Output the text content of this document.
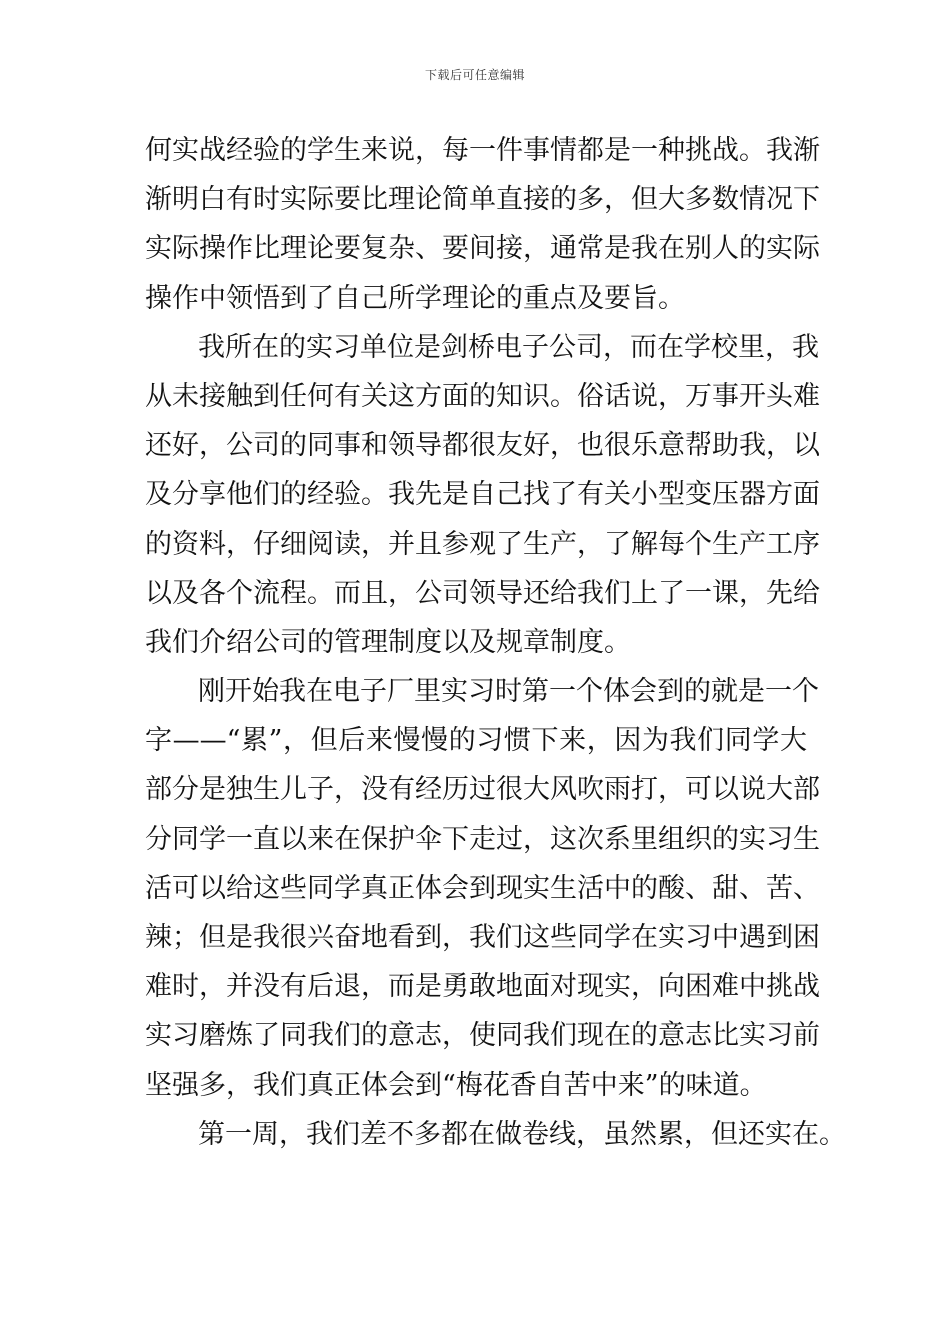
下载后可任意编辑
何实战经验的学生来说，每一件事情都是一种挑战。我渐
渐明白有时实际要比理论简单直接的多，但大多数情况下
实际操作比理论要复杂、要间接，通常是我在别人的实际
操作中领悟到了自己所学理论的重点及要旨。
我所在的实习单位是剑桥电子公司，而在学校里，我
从未接触到任何有关这方面的知识。俗话说，万事开头难
还好，公司的同事和领导都很友好，也很乐意帮助我，以
及分享他们的经验。我先是自己找了有关小型变压器方面
的资料，仔细阅读，并且参观了生产，了解每个生产工序
以及各个流程。而且，公司领导还给我们上了一课，先给
我们介绍公司的管理制度以及规章制度。
刚开始我在电子厂里实习时第一个体会到的就是一个
字——“累”，但后来慢慢的习惯下来，因为我们同学大
部分是独生儿子，没有经历过很大风吹雨打，可以说大部
分同学一直以来在保护伞下走过，这次系里组织的实习生
活可以给这些同学真正体会到现实生活中的酸、甜、苦、
辣；但是我很兴奋地看到，我们这些同学在实习中遇到困
难时，并没有后退，而是勇敢地面对现实，向困难中挑战
实习磨炼了同我们的意志，使同我们现在的意志比实习前
坚强多，我们真正体会到“梅花香自苦中来”的味道。
第一周，我们差不多都在做卷线，虽然累，但还实在。
